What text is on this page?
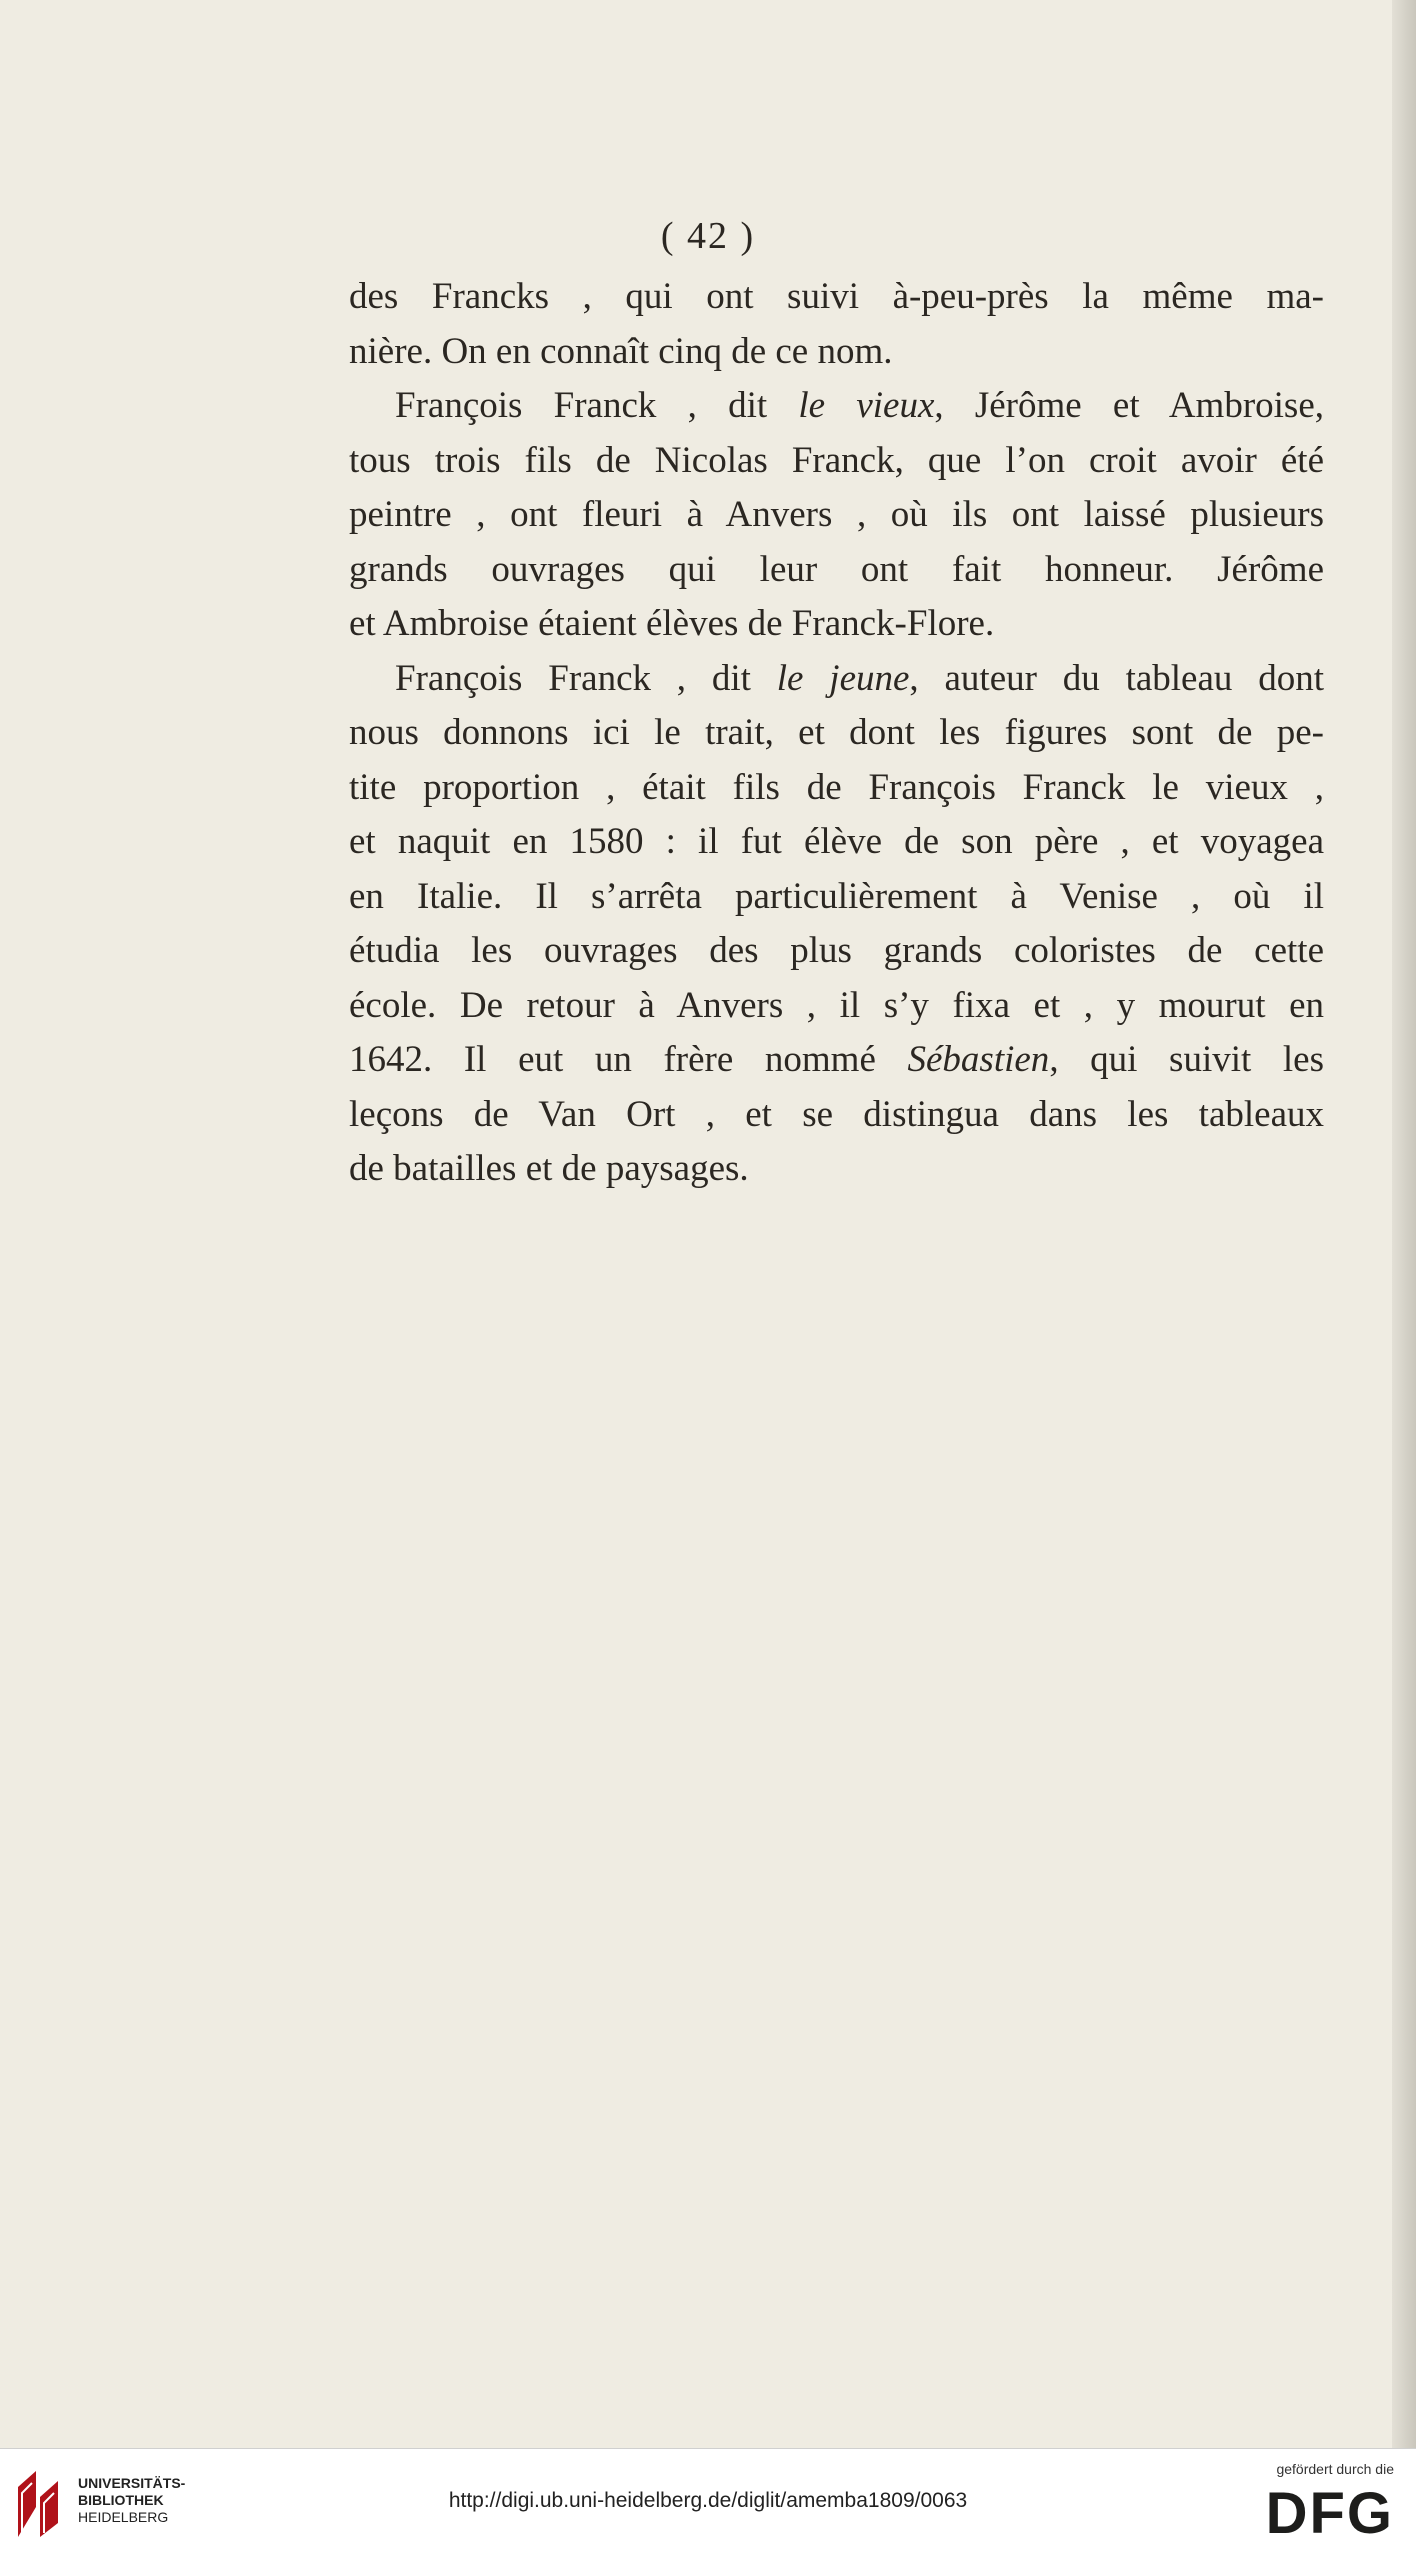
( 42 )

des Francks , qui ont suivi à-peu-près la même ma-
nière. On en connaît cinq de ce nom.

François Franck , dit le vieux, Jérôme et Ambroise,
tous trois fils de Nicolas Franck, que l’on croit avoir été
peintre , ont fleuri à Anvers , où ils ont laissé plusieurs
grands ouvrages qui leur ont fait honneur. Jérôme
et Ambroise étaient élèves de Franck-Flore.

François Franck , dit le jeune, auteur du tableau dont
nous donnons ici le trait, et dont les figures sont de pe-
tite proportion , était fils de François Franck le vieux ,
et naquit en 1580 : il fut élève de son père , et voyagea
en Italie. Il s’arrêta particulièrement à Venise , où il
étudia les ouvrages des plus grands coloristes de cette
école. De retour à Anvers , il s’y fixa et , y mourut en
1642. Il eut un frère nommé Sébastien, qui suivit les
leçons de Van Ort , et se distingua dans les tableaux
de batailles et de paysages.

UNIVERSITÄTS-
BIBLIOTHEK
HEIDELBERG
http://digi.ub.uni-heidelberg.de/diglit/amemba1809/0063
gefördert durch die
DFG
